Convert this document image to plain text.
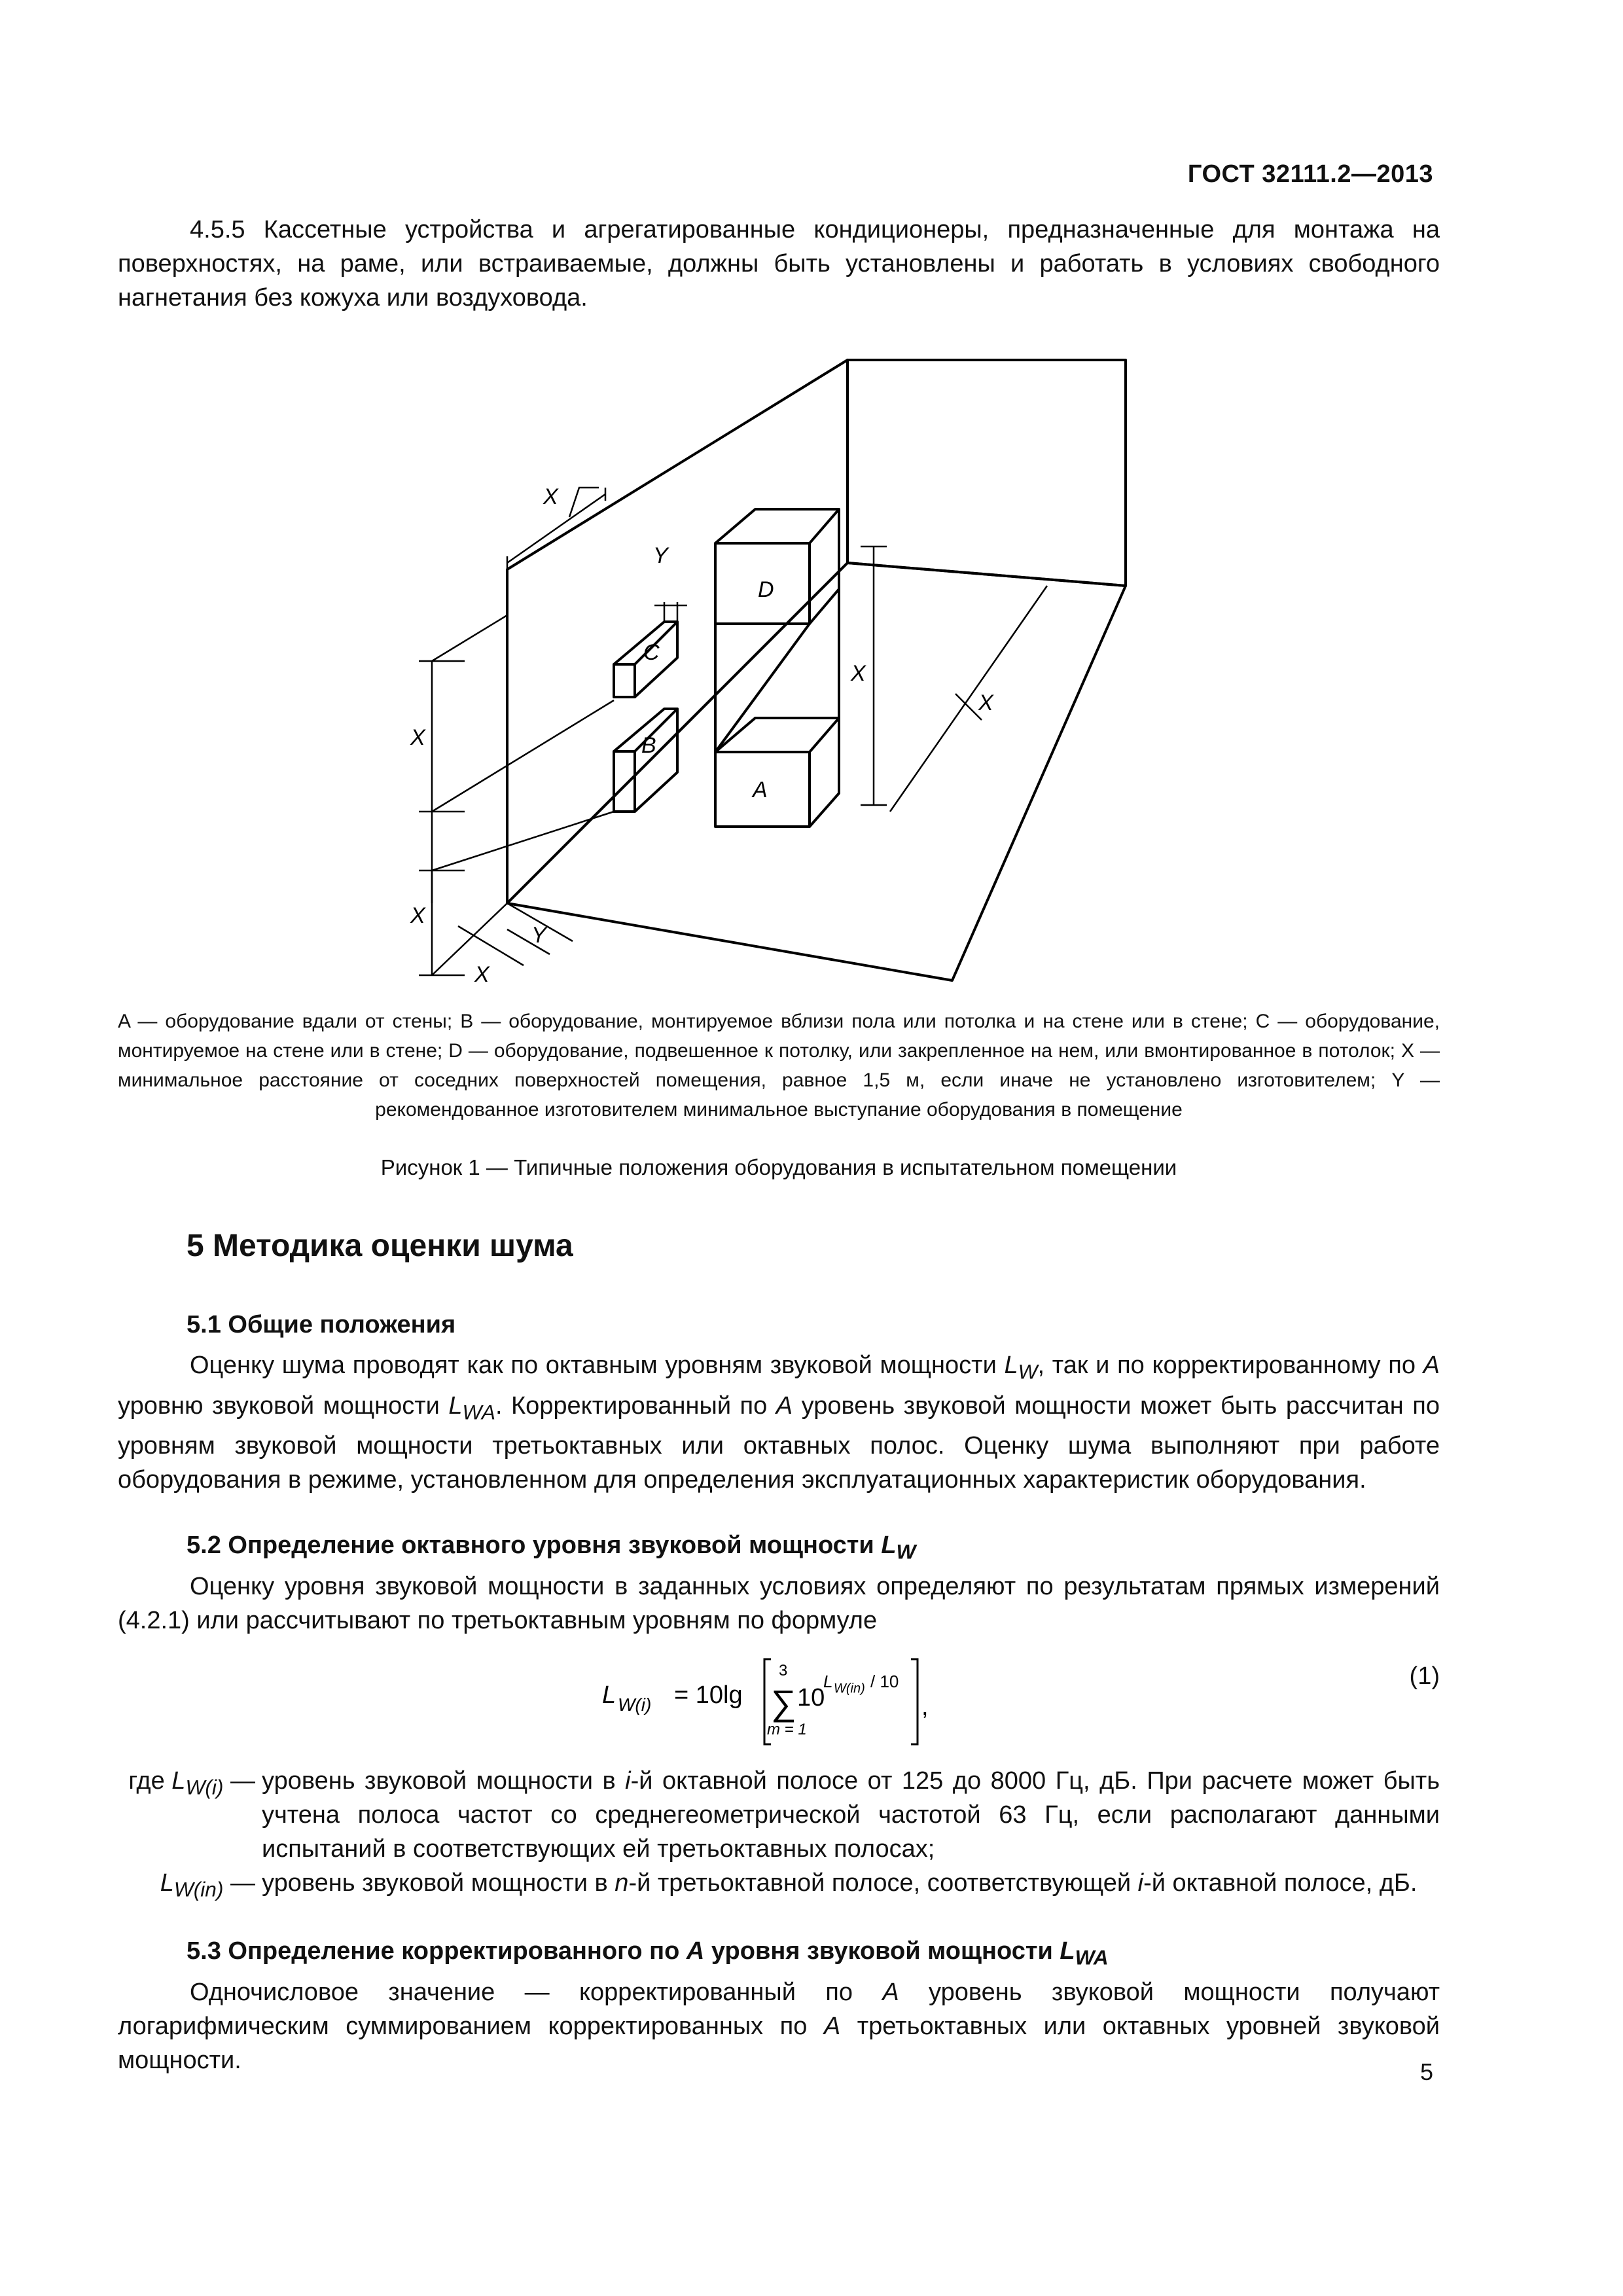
ГОСТ 32111.2—2013

4.5.5 Кассетные устройства и агрегатированные кондиционеры, предназначенные для монтажа на поверхностях, на раме, или встраиваемые, должны быть установлены и работать в условиях свободного нагнетания без кожуха или воздуховода.

D
A
C
B
X
Y
X
X
Y
X
X
X
A — оборудование вдали от стены; B — оборудование, монтируемое вблизи пола или потолка и на стене или в стене; C — оборудование, монтируемое на стене или в стене; D — оборудование, подвешенное к потолку, или закрепленное на нем, или вмонтированное в потолок; X — минимальное расстояние от соседних поверхностей помещения, равное 1,5 м, если иначе не установлено изготовителем; Y — рекомендованное изготовителем минимальное выступание оборудования в помещение
Рисунок 1 — Типичные положения оборудования в испытательном помещении
5 Методика оценки шума
5.1 Общие положения

Оценку шума проводят как по октавным уровням звуковой мощности $L_W$, так и по корректированному по A уровню звуковой мощности $L_{WA}$. Корректированный по A уровень звуковой мощности может быть рассчитан по уровням звуковой мощности третьоктавных или октавных полос. Оценку шума выполняют при работе оборудования в режиме, установленном для определения эксплуатационных характеристик оборудования.

5.2 Определение октавного уровня звуковой мощности $L_W$

Оценку уровня звуковой мощности в заданных условиях определяют по результатам прямых измерений (4.2.1) или рассчитывают по третьоктавным уровням по формуле

L W(i) = 10lg
3
∑
m = 1
10
L W(in) / 10
,
(1)
где $L_{W(i)}$ — уровень звуковой мощности в i-й октавной полосе от 125 до 8000 Гц, дБ. При расчете может быть учтена полоса частот со среднегеометрической частотой 63 Гц, если располагают данными испытаний в соответствующих ей третьоктавных полосах;
$L_{W(in)}$ — уровень звуковой мощности в n-й третьоктавной полосе, соответствующей i-й октавной полосе, дБ.
5.3 Определение корректированного по A уровня звуковой мощности $L_{WA}$

Одночисловое значение — корректированный по A уровень звуковой мощности получают логарифмическим суммированием корректированных по A третьоктавных или октавных уровней звуковой мощности.	5
